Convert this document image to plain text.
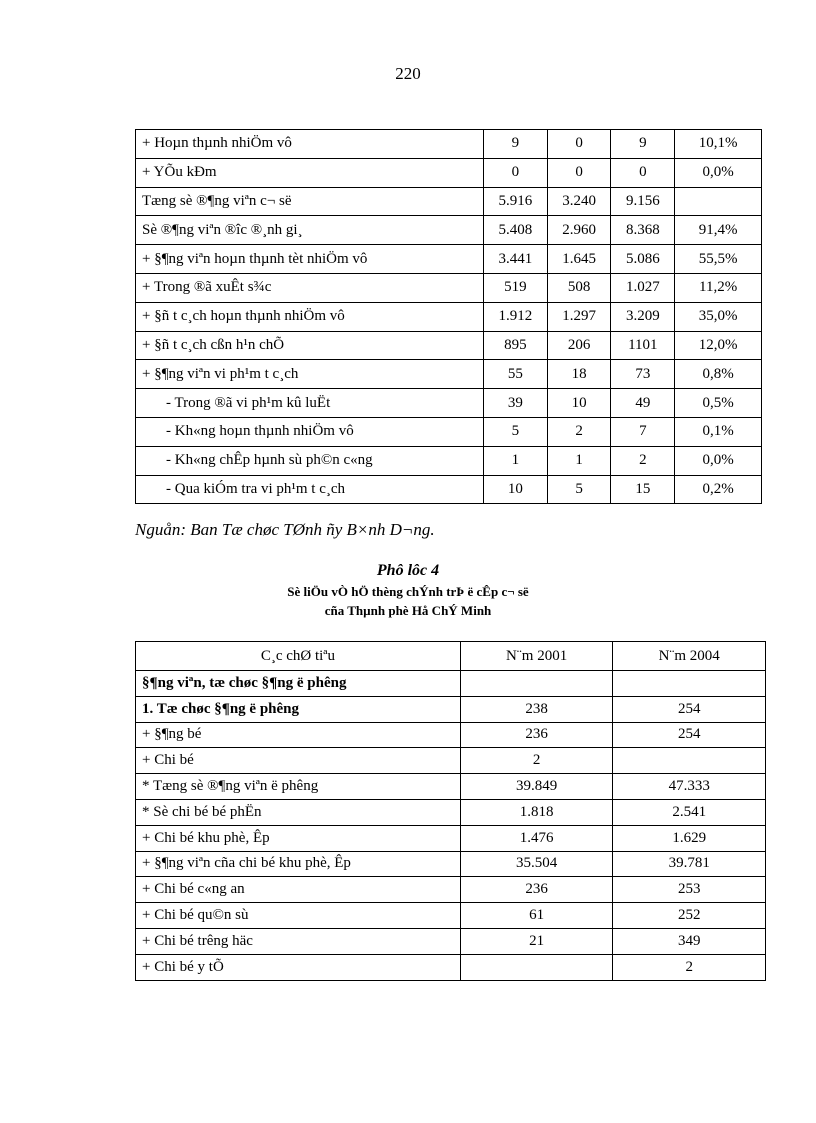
220
+ Hoµn thµnh nhiÖm vô	9	0	9	10,1%
+ YÕu kÐm	0	0	0	0,0%
Tæng sè ®¶ng viªn c¬ së	5.916	3.240	9.156	
Sè ®¶ng viªn ®îc ®¸nh gi¸	5.408	2.960	8.368	91,4%
+ §¶ng viªn hoµn thµnh tèt nhiÖm vô	3.441	1.645	5.086	55,5%
+ Trong ®ã xuÊt s¾c	519	508	1.027	11,2%
+ §ñ t c¸ch hoµn thµnh nhiÖm vô	1.912	1.297	3.209	35,0%
+ §ñ t c¸ch cßn h¹n chÕ	895	206	1101	12,0%
+ §¶ng viªn vi ph¹m t c¸ch	55	18	73	0,8%
- Trong ®ã vi ph¹m kû luËt	39	10	49	0,5%
- Kh«ng hoµn thµnh nhiÖm vô	5	2	7	0,1%
- Kh«ng chÊp hµnh sù ph©n c«ng	1	1	2	0,0%
- Qua kiÓm tra vi ph¹m t c¸ch	10	5	15	0,2%
Nguån: Ban Tæ chøc TØnh ñy B×nh D¬ng.
Phô lôc 4
Sè liÖu vÒ hÖ thèng chÝnh trÞ ë cÊp c¬ së
cña Thµnh phè Hå ChÝ Minh
C¸c chØ tiªu	N¨m 2001	N¨m 2004
§¶ng viªn, tæ chøc §¶ng ë phêng		
1. Tæ chøc §¶ng ë phêng	238	254
+ §¶ng bé	236	254
+ Chi bé	2	
* Tæng sè ®¶ng viªn ë phêng	39.849	47.333
* Sè chi bé bé phËn	1.818	2.541
+ Chi bé khu phè, Êp	1.476	1.629
+ §¶ng viªn cña chi bé khu phè, Êp	35.504	39.781
+ Chi bé c«ng an	236	253
+ Chi bé qu©n sù	61	252
+ Chi bé trêng häc	21	349
+ Chi bé y tÕ		2
